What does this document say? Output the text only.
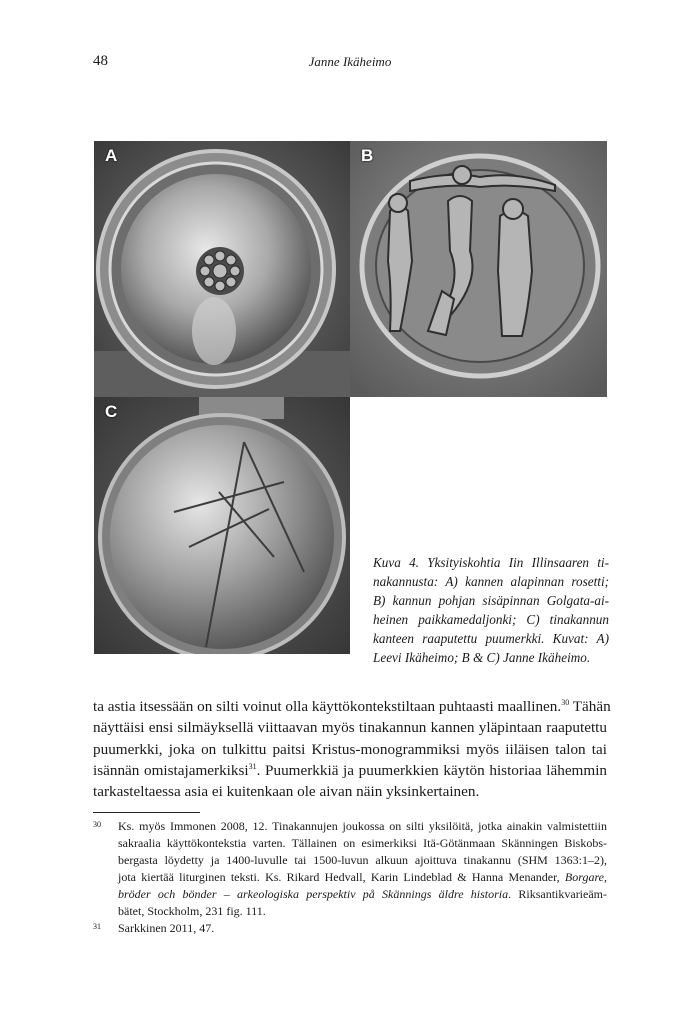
48	Janne Ikäheimo
A	B
C
Kuva 4. Yksityiskohtia Iin Illinsaaren ti-
nakannusta: A) kannen alapinnan rosetti;
B) kannun pohjan sisäpinnan Golgata-ai-
heinen paikkamedaljonki; C) tinakannun
kanteen raaputettu puumerkki. Kuvat: A)
Leevi Ikäheimo; B & C) Janne Ikäheimo.
ta astia itsessään on silti voinut olla käyttökontekstiltaan puhtaasti maallinen.$^{30}$ Tähän
näyttäisi ensi silmäyksellä viittaavan myös tinakannun kannen yläpintaan raaputettu
puumerkki, joka on tulkittu paitsi Kristus-monogrammiksi myös iiläisen talon tai
isännän omistajamerkiksi$^{31}$. Puumerkkiä ja puumerkkien käytön historiaa lähemmin
tarkasteltaessa asia ei kuitenkaan ole aivan näin yksinkertainen.
30 Ks. myös Immonen 2008, 12. Tinakannujen joukossa on silti yksilöitä, jotka ainakin valmistettiin
sakraalia käyttökontekstia varten. Tällainen on esimerkiksi Itä-Götänmaan Skänningen Biskobs-
bergasta löydetty ja 1400-luvulle tai 1500-luvun alkuun ajoittuva tinakannu (SHM 1363:1–2),
jota kiertää liturginen teksti. Ks. Rikard Hedvall, Karin Lindeblad & Hanna Menander, Borgare,
bröder och bönder – arkeologiska perspektiv på Skännings äldre historia. Riksantikvarieäm-
bätet, Stockholm, 231 fig. 111.
31 Sarkkinen 2011, 47.
